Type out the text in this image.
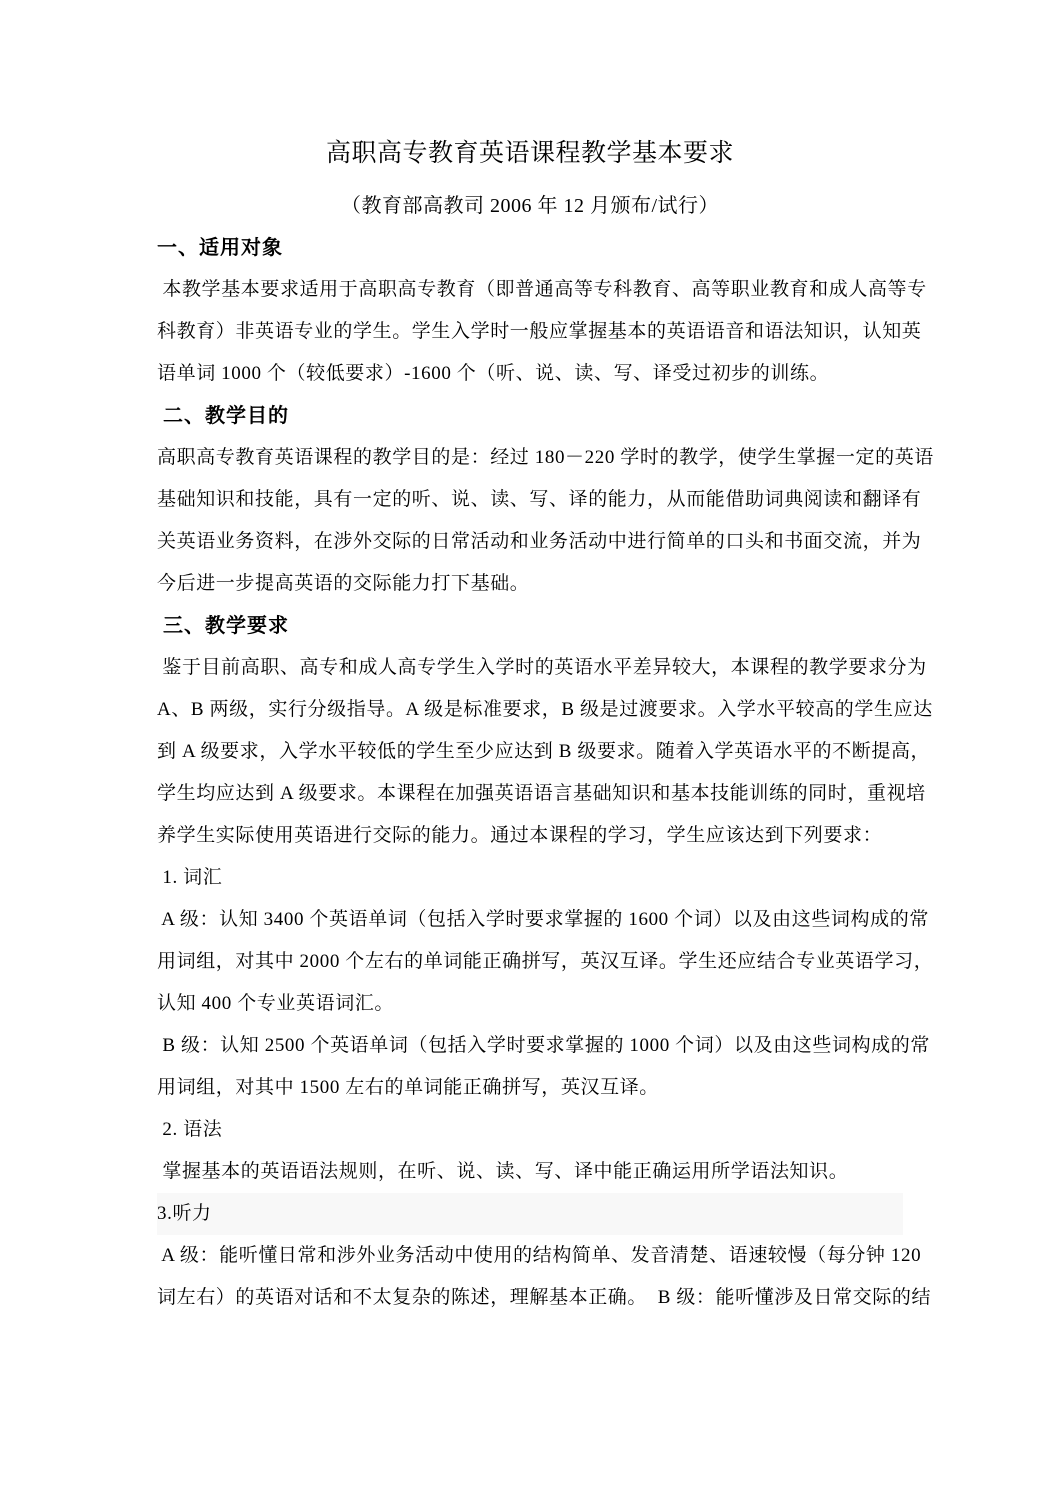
高职高专教育英语课程教学基本要求
（教育部高教司 2006 年 12 月颁布/试行）
一、适用对象
本教学基本要求适用于高职高专教育（即普通高等专科教育、高等职业教育和成人高等专
科教育）非英语专业的学生。学生入学时一般应掌握基本的英语语音和语法知识，认知英
语单词 1000 个（较低要求）-1600 个（听、说、读、写、译受过初步的训练。
二、教学目的
高职高专教育英语课程的教学目的是：经过 180－220 学时的教学，使学生掌握一定的英语
基础知识和技能，具有一定的听、说、读、写、译的能力，从而能借助词典阅读和翻译有
关英语业务资料，在涉外交际的日常活动和业务活动中进行简单的口头和书面交流，并为
今后进一步提高英语的交际能力打下基础。
三、教学要求
鉴于目前高职、高专和成人高专学生入学时的英语水平差异较大，本课程的教学要求分为
A、B 两级，实行分级指导。A 级是标准要求，B 级是过渡要求。入学水平较高的学生应达
到 A 级要求，入学水平较低的学生至少应达到 B 级要求。随着入学英语水平的不断提高，
学生均应达到 A 级要求。本课程在加强英语语言基础知识和基本技能训练的同时，重视培
养学生实际使用英语进行交际的能力。通过本课程的学习，学生应该达到下列要求：
1. 词汇
A 级：认知 3400 个英语单词（包括入学时要求掌握的 1600 个词）以及由这些词构成的常
用词组，对其中 2000 个左右的单词能正确拼写，英汉互译。学生还应结合专业英语学习，
认知 400 个专业英语词汇。
B 级：认知 2500 个英语单词（包括入学时要求掌握的 1000 个词）以及由这些词构成的常
用词组，对其中 1500 左右的单词能正确拼写，英汉互译。
2. 语法
掌握基本的英语语法规则，在听、说、读、写、译中能正确运用所学语法知识。
3.听力
A 级：能听懂日常和涉外业务活动中使用的结构简单、发音清楚、语速较慢（每分钟 120
词左右）的英语对话和不太复杂的陈述，理解基本正确。  B 级：能听懂涉及日常交际的结
